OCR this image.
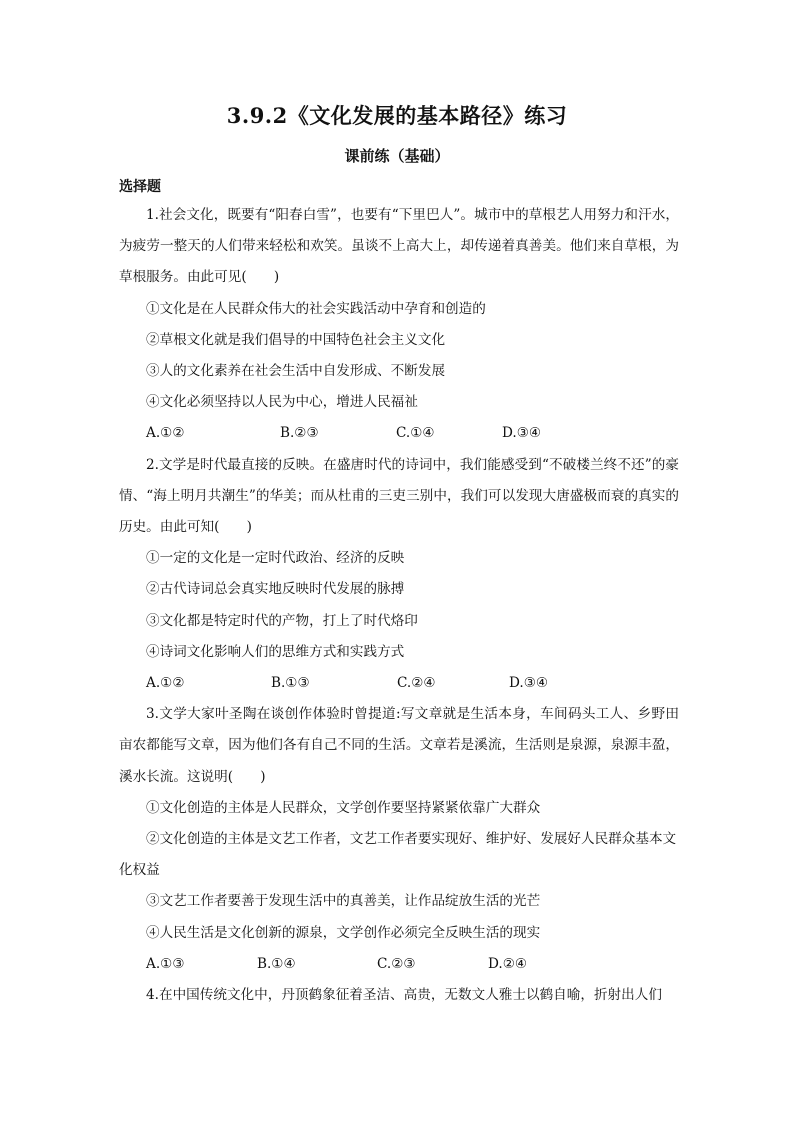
3.9.2《文化发展的基本路径》练习
课前练（基础）
选择题

1.社会文化，既要有“阳春白雪”，也要有“下里巴人”。城市中的草根艺人用努力和汗水，为疲劳一整天的人们带来轻松和欢笑。虽谈不上高大上，却传递着真善美。他们来自草根，为草根服务。由此可见(　　)

①文化是在人民群众伟大的社会实践活动中孕育和创造的

②草根文化就是我们倡导的中国特色社会主义文化

③人的文化素养在社会生活中自发形成、不断发展

④文化必须坚持以人民为中心，增进人民福祉

A.①②	B.②③	C.①④	D.③④

2.文学是时代最直接的反映。在盛唐时代的诗词中，我们能感受到“不破楼兰终不还”的豪情、“海上明月共潮生”的华美；而从杜甫的三吏三别中，我们可以发现大唐盛极而衰的真实的历史。由此可知(　　)

①一定的文化是一定时代政治、经济的反映

②古代诗词总会真实地反映时代发展的脉搏

③文化都是特定时代的产物，打上了时代烙印

④诗词文化影响人们的思维方式和实践方式

A.①②	B.①③	C.②④	D.③④

3.文学大家叶圣陶在谈创作体验时曾提道:写文章就是生活本身，车间码头工人、乡野田亩农都能写文章，因为他们各有自己不同的生活。文章若是溪流，生活则是泉源，泉源丰盈，溪水长流。这说明(　　)

①文化创造的主体是人民群众，文学创作要坚持紧紧依靠广大群众

②文化创造的主体是文艺工作者，文艺工作者要实现好、维护好、发展好人民群众基本文化权益

③文艺工作者要善于发现生活中的真善美，让作品绽放生活的光芒

④人民生活是文化创新的源泉，文学创作必须完全反映生活的现实

A.①③	B.①④	C.②③	D.②④

4.在中国传统文化中，丹顶鹤象征着圣洁、高贵，无数文人雅士以鹤自喻，折射出人们
